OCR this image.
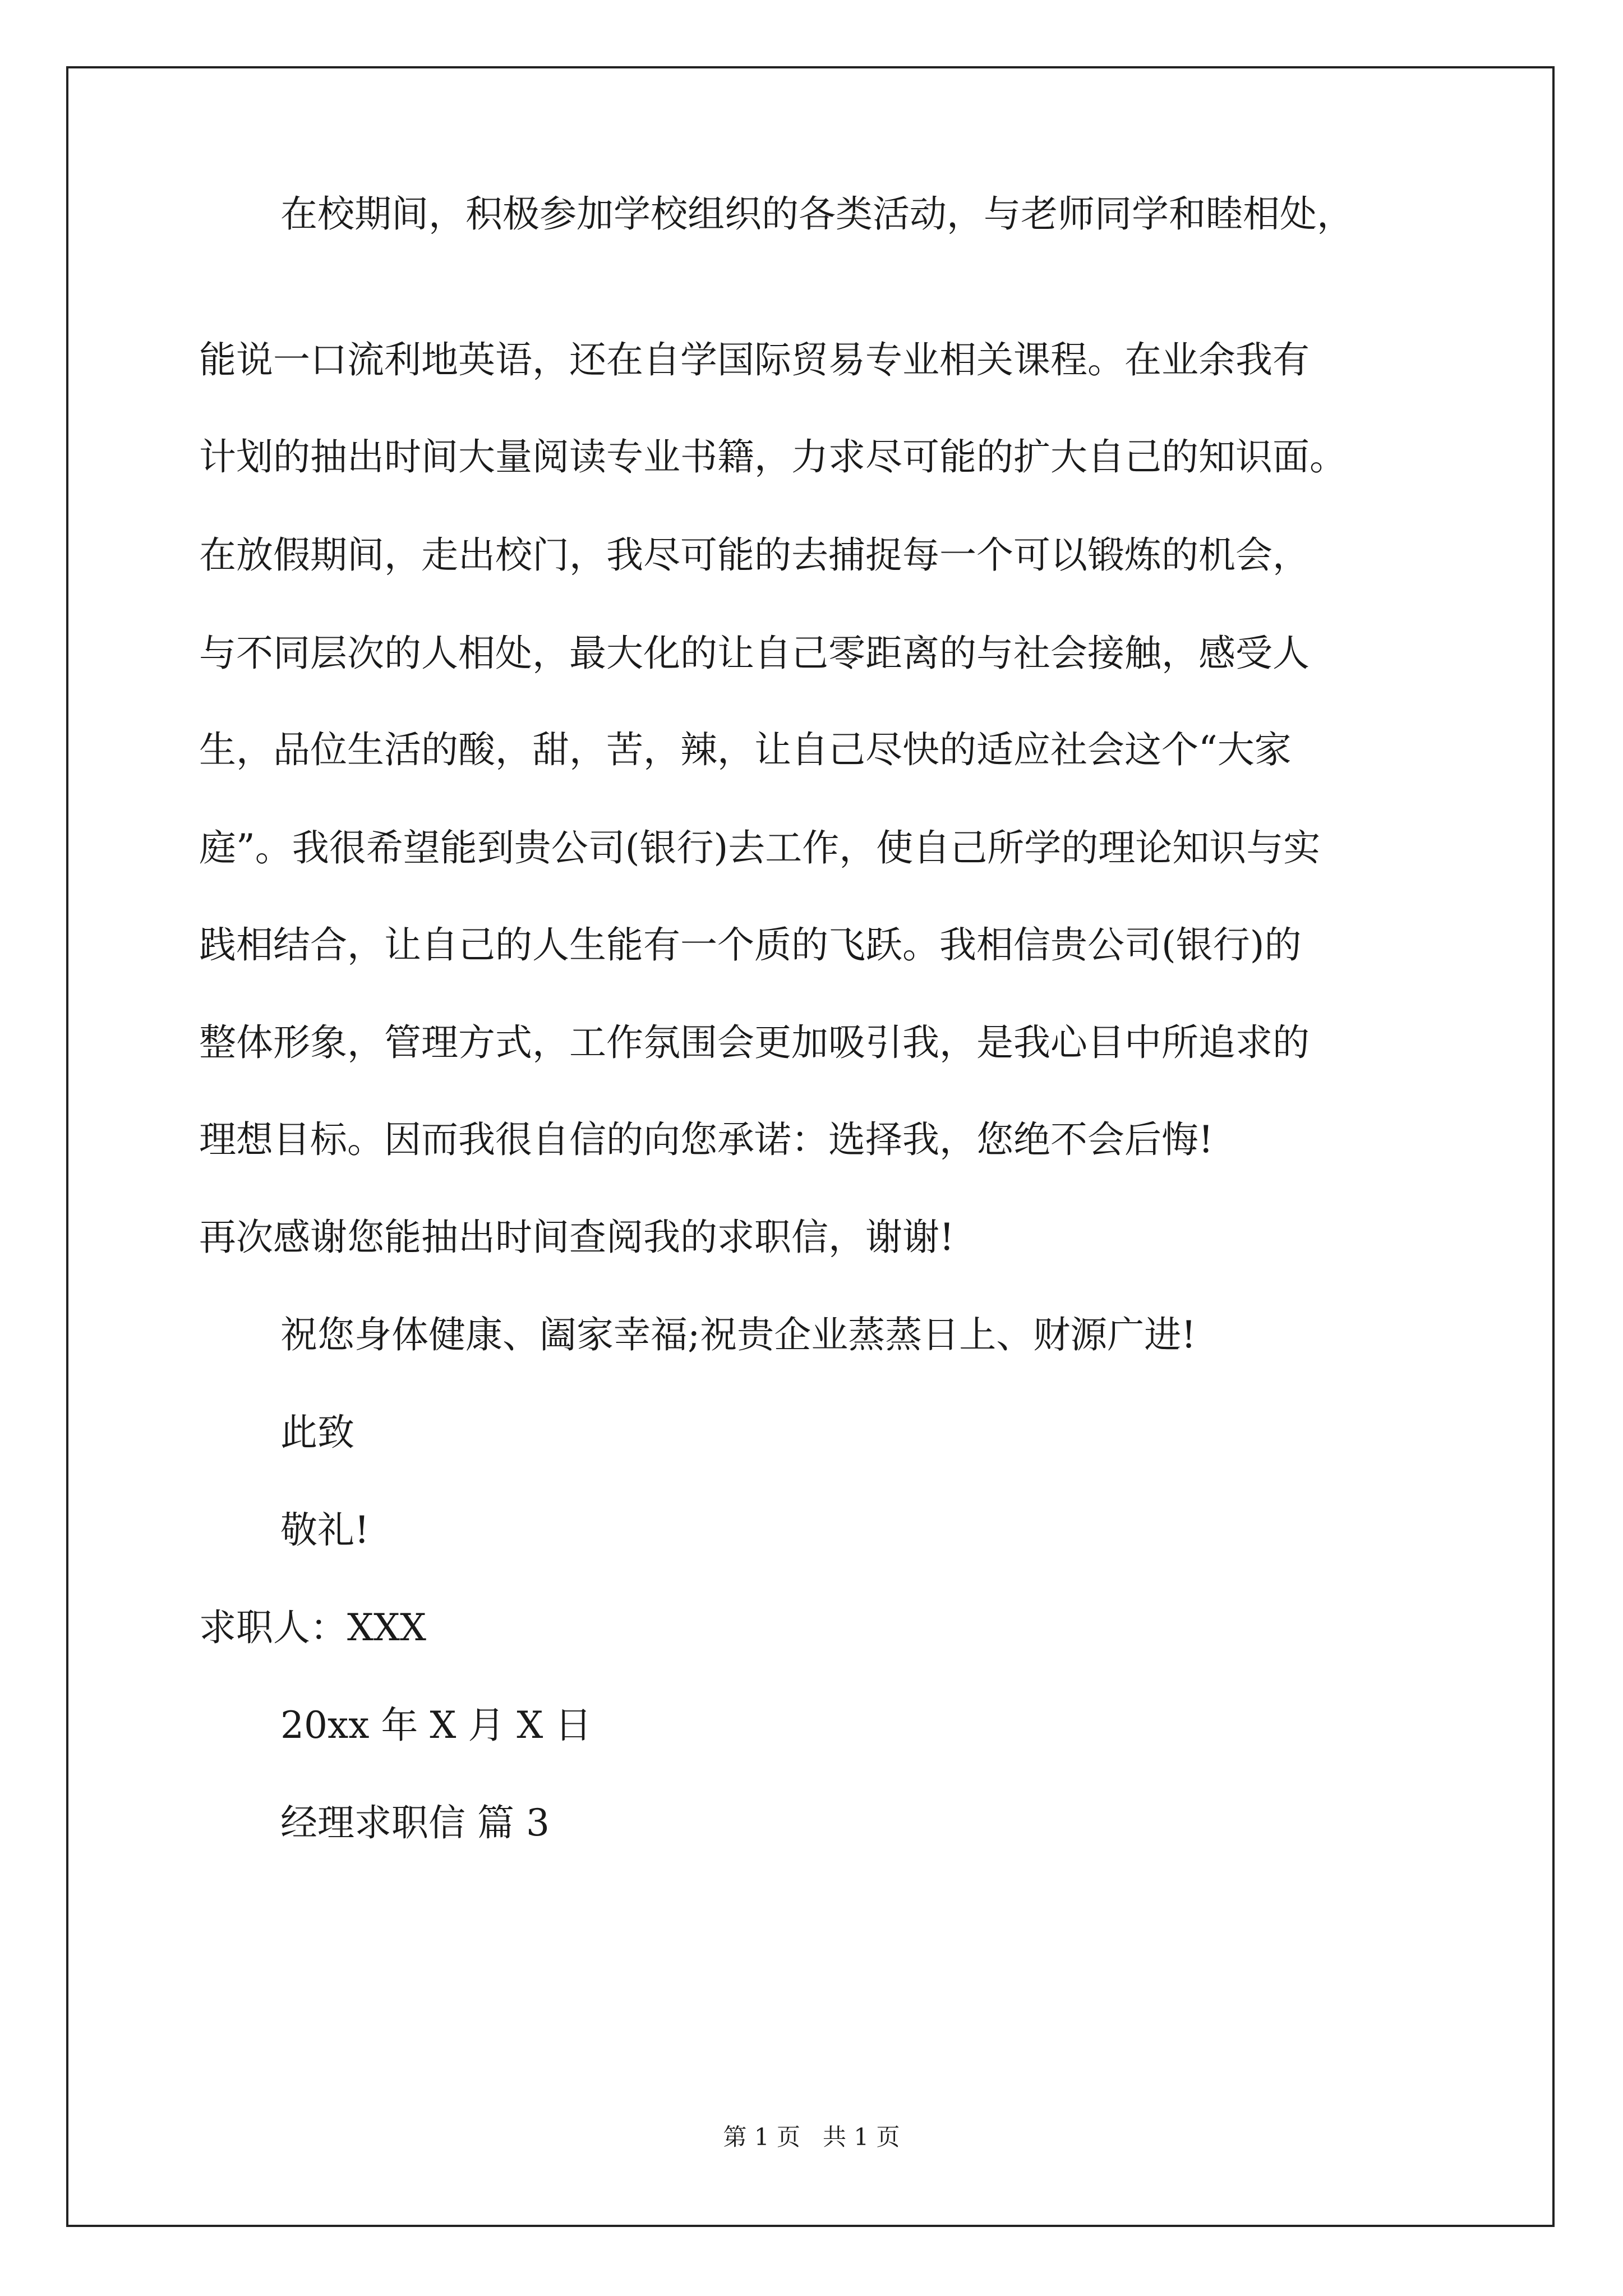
在校期间，积极参加学校组织的各类活动，与老师同学和睦相处，
能说一口流利地英语，还在自学国际贸易专业相关课程。在业余我有
计划的抽出时间大量阅读专业书籍，力求尽可能的扩大自己的知识面。
在放假期间，走出校门，我尽可能的去捕捉每一个可以锻炼的机会，
与不同层次的人相处，最大化的让自己零距离的与社会接触，感受人
生，品位生活的酸，甜，苦，辣，让自己尽快的适应社会这个“大家
庭”。我很希望能到贵公司(银行)去工作，使自己所学的理论知识与实
践相结合，让自己的人生能有一个质的飞跃。我相信贵公司(银行)的
整体形象，管理方式，工作氛围会更加吸引我，是我心目中所追求的
理想目标。因而我很自信的向您承诺：选择我，您绝不会后悔!
再次感谢您能抽出时间查阅我的求职信，谢谢!
祝您身体健康、阖家幸福;祝贵企业蒸蒸日上、财源广进!
此致
敬礼!
求职人：XXX
20xx 年 X 月 X 日
经理求职信 篇 3
第 1 页   共 1 页
